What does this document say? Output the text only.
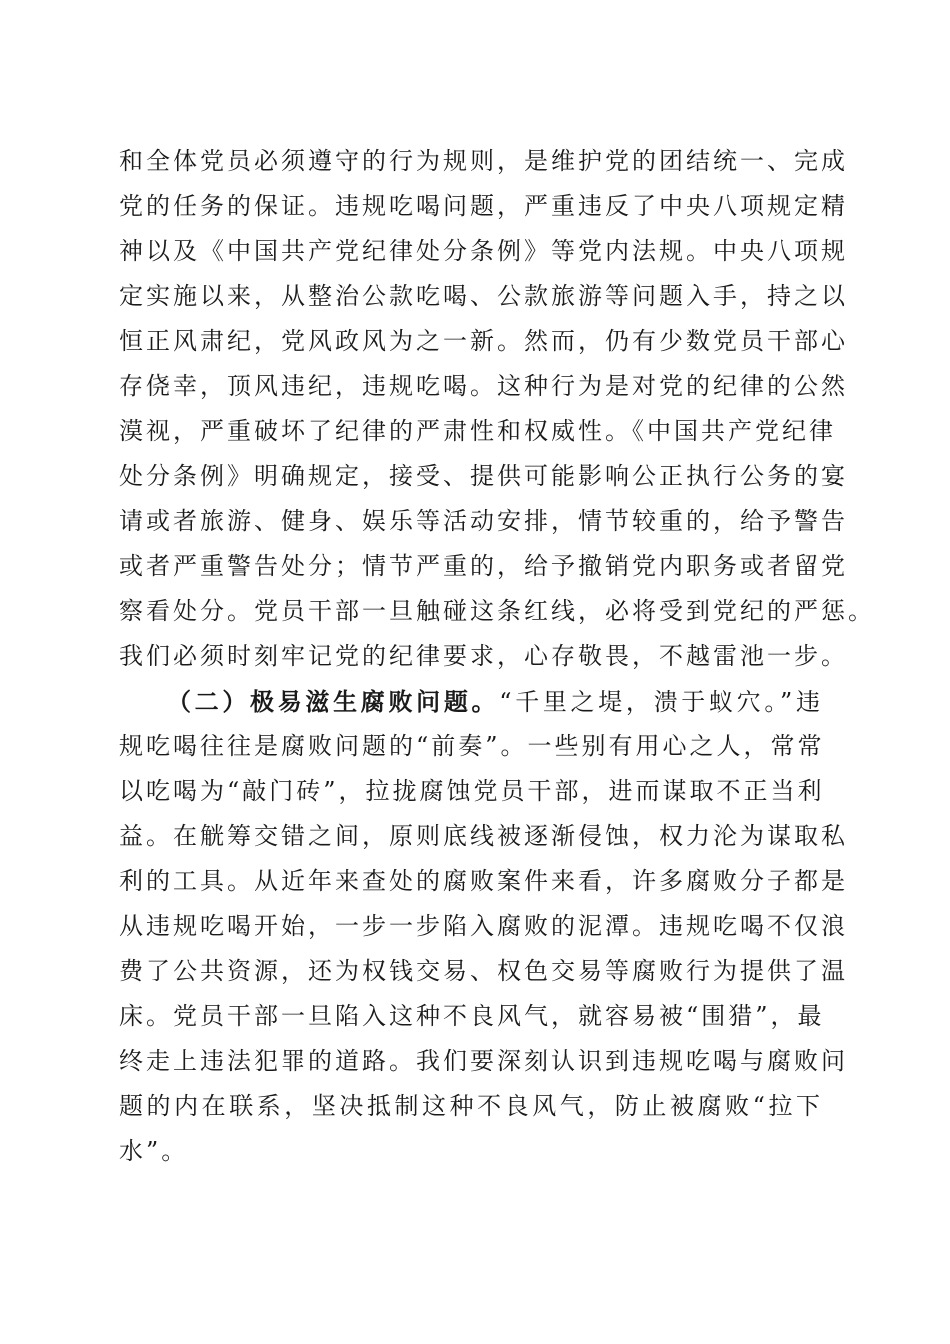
和全体党员必须遵守的行为规则，是维护党的团结统一、完成
党的任务的保证。违规吃喝问题，严重违反了中央八项规定精
神以及《中国共产党纪律处分条例》等党内法规。中央八项规
定实施以来，从整治公款吃喝、公款旅游等问题入手，持之以
恒正风肃纪，党风政风为之一新。然而，仍有少数党员干部心
存侥幸，顶风违纪，违规吃喝。这种行为是对党的纪律的公然
漠视，严重破坏了纪律的严肃性和权威性。《中国共产党纪律
处分条例》明确规定，接受、提供可能影响公正执行公务的宴
请或者旅游、健身、娱乐等活动安排，情节较重的，给予警告
或者严重警告处分；情节严重的，给予撤销党内职务或者留党
察看处分。党员干部一旦触碰这条红线，必将受到党纪的严惩。
我们必须时刻牢记党的纪律要求，心存敬畏，不越雷池一步。
（二）极易滋生腐败问题。“千里之堤，溃于蚁穴。”违
规吃喝往往是腐败问题的“前奏”。一些别有用心之人，常常
以吃喝为“敲门砖”，拉拢腐蚀党员干部，进而谋取不正当利
益。在觥筹交错之间，原则底线被逐渐侵蚀，权力沦为谋取私
利的工具。从近年来查处的腐败案件来看，许多腐败分子都是
从违规吃喝开始，一步一步陷入腐败的泥潭。违规吃喝不仅浪
费了公共资源，还为权钱交易、权色交易等腐败行为提供了温
床。党员干部一旦陷入这种不良风气，就容易被“围猎”，最
终走上违法犯罪的道路。我们要深刻认识到违规吃喝与腐败问
题的内在联系，坚决抵制这种不良风气，防止被腐败“拉下
水”。
